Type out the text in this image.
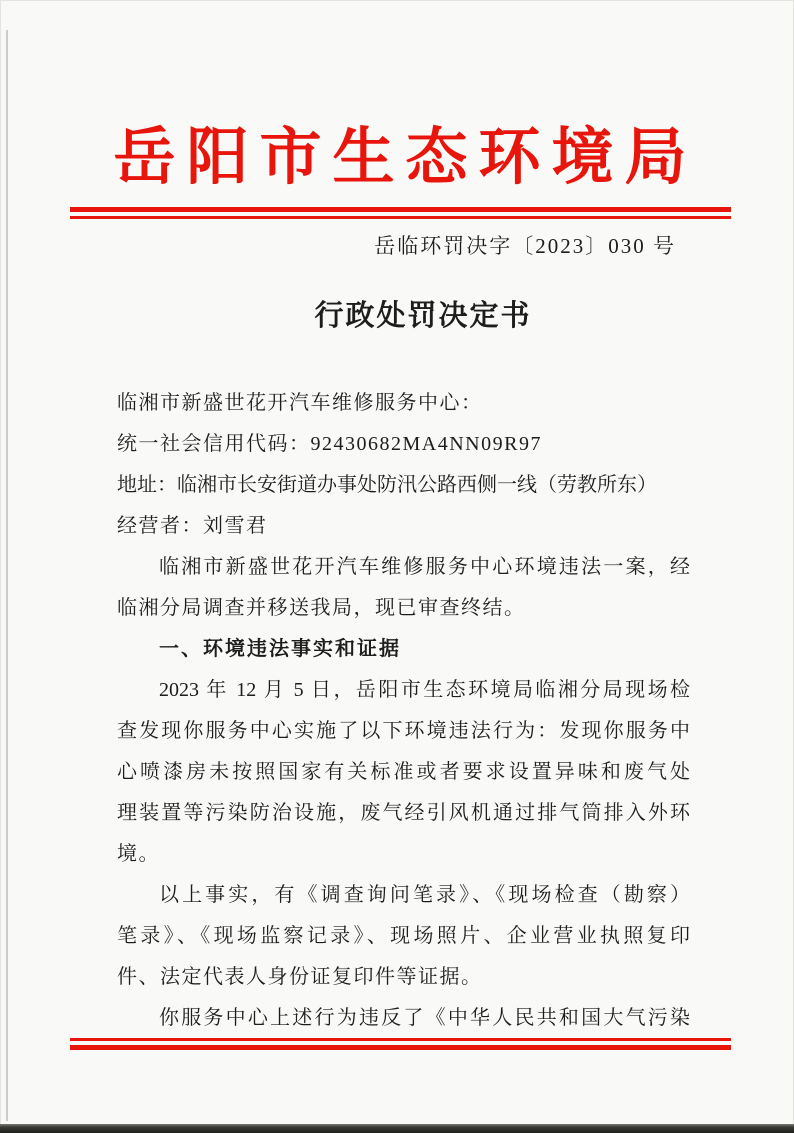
岳阳市生态环境局
岳临环罚决字〔2023〕030 号
行政处罚决定书
临湘市新盛世花开汽车维修服务中心：
统一社会信用代码：92430682MA4NN09R97
地址：临湘市长安街道办事处防汛公路西侧一线（劳教所东）
经营者：刘雪君
临湘市新盛世花开汽车维修服务中心环境违法一案，经
临湘分局调查并移送我局，现已审查终结。
一、环境违法事实和证据
2023 年 12 月 5 日，岳阳市生态环境局临湘分局现场检
查发现你服务中心实施了以下环境违法行为：发现你服务中
心喷漆房未按照国家有关标准或者要求设置异味和废气处
理装置等污染防治设施，废气经引风机通过排气筒排入外环
境。
以上事实，有《调查询问笔录》、《现场检查（勘察）
笔录》、《现场监察记录》、现场照片、企业营业执照复印
件、法定代表人身份证复印件等证据。
你服务中心上述行为违反了《中华人民共和国大气污染
